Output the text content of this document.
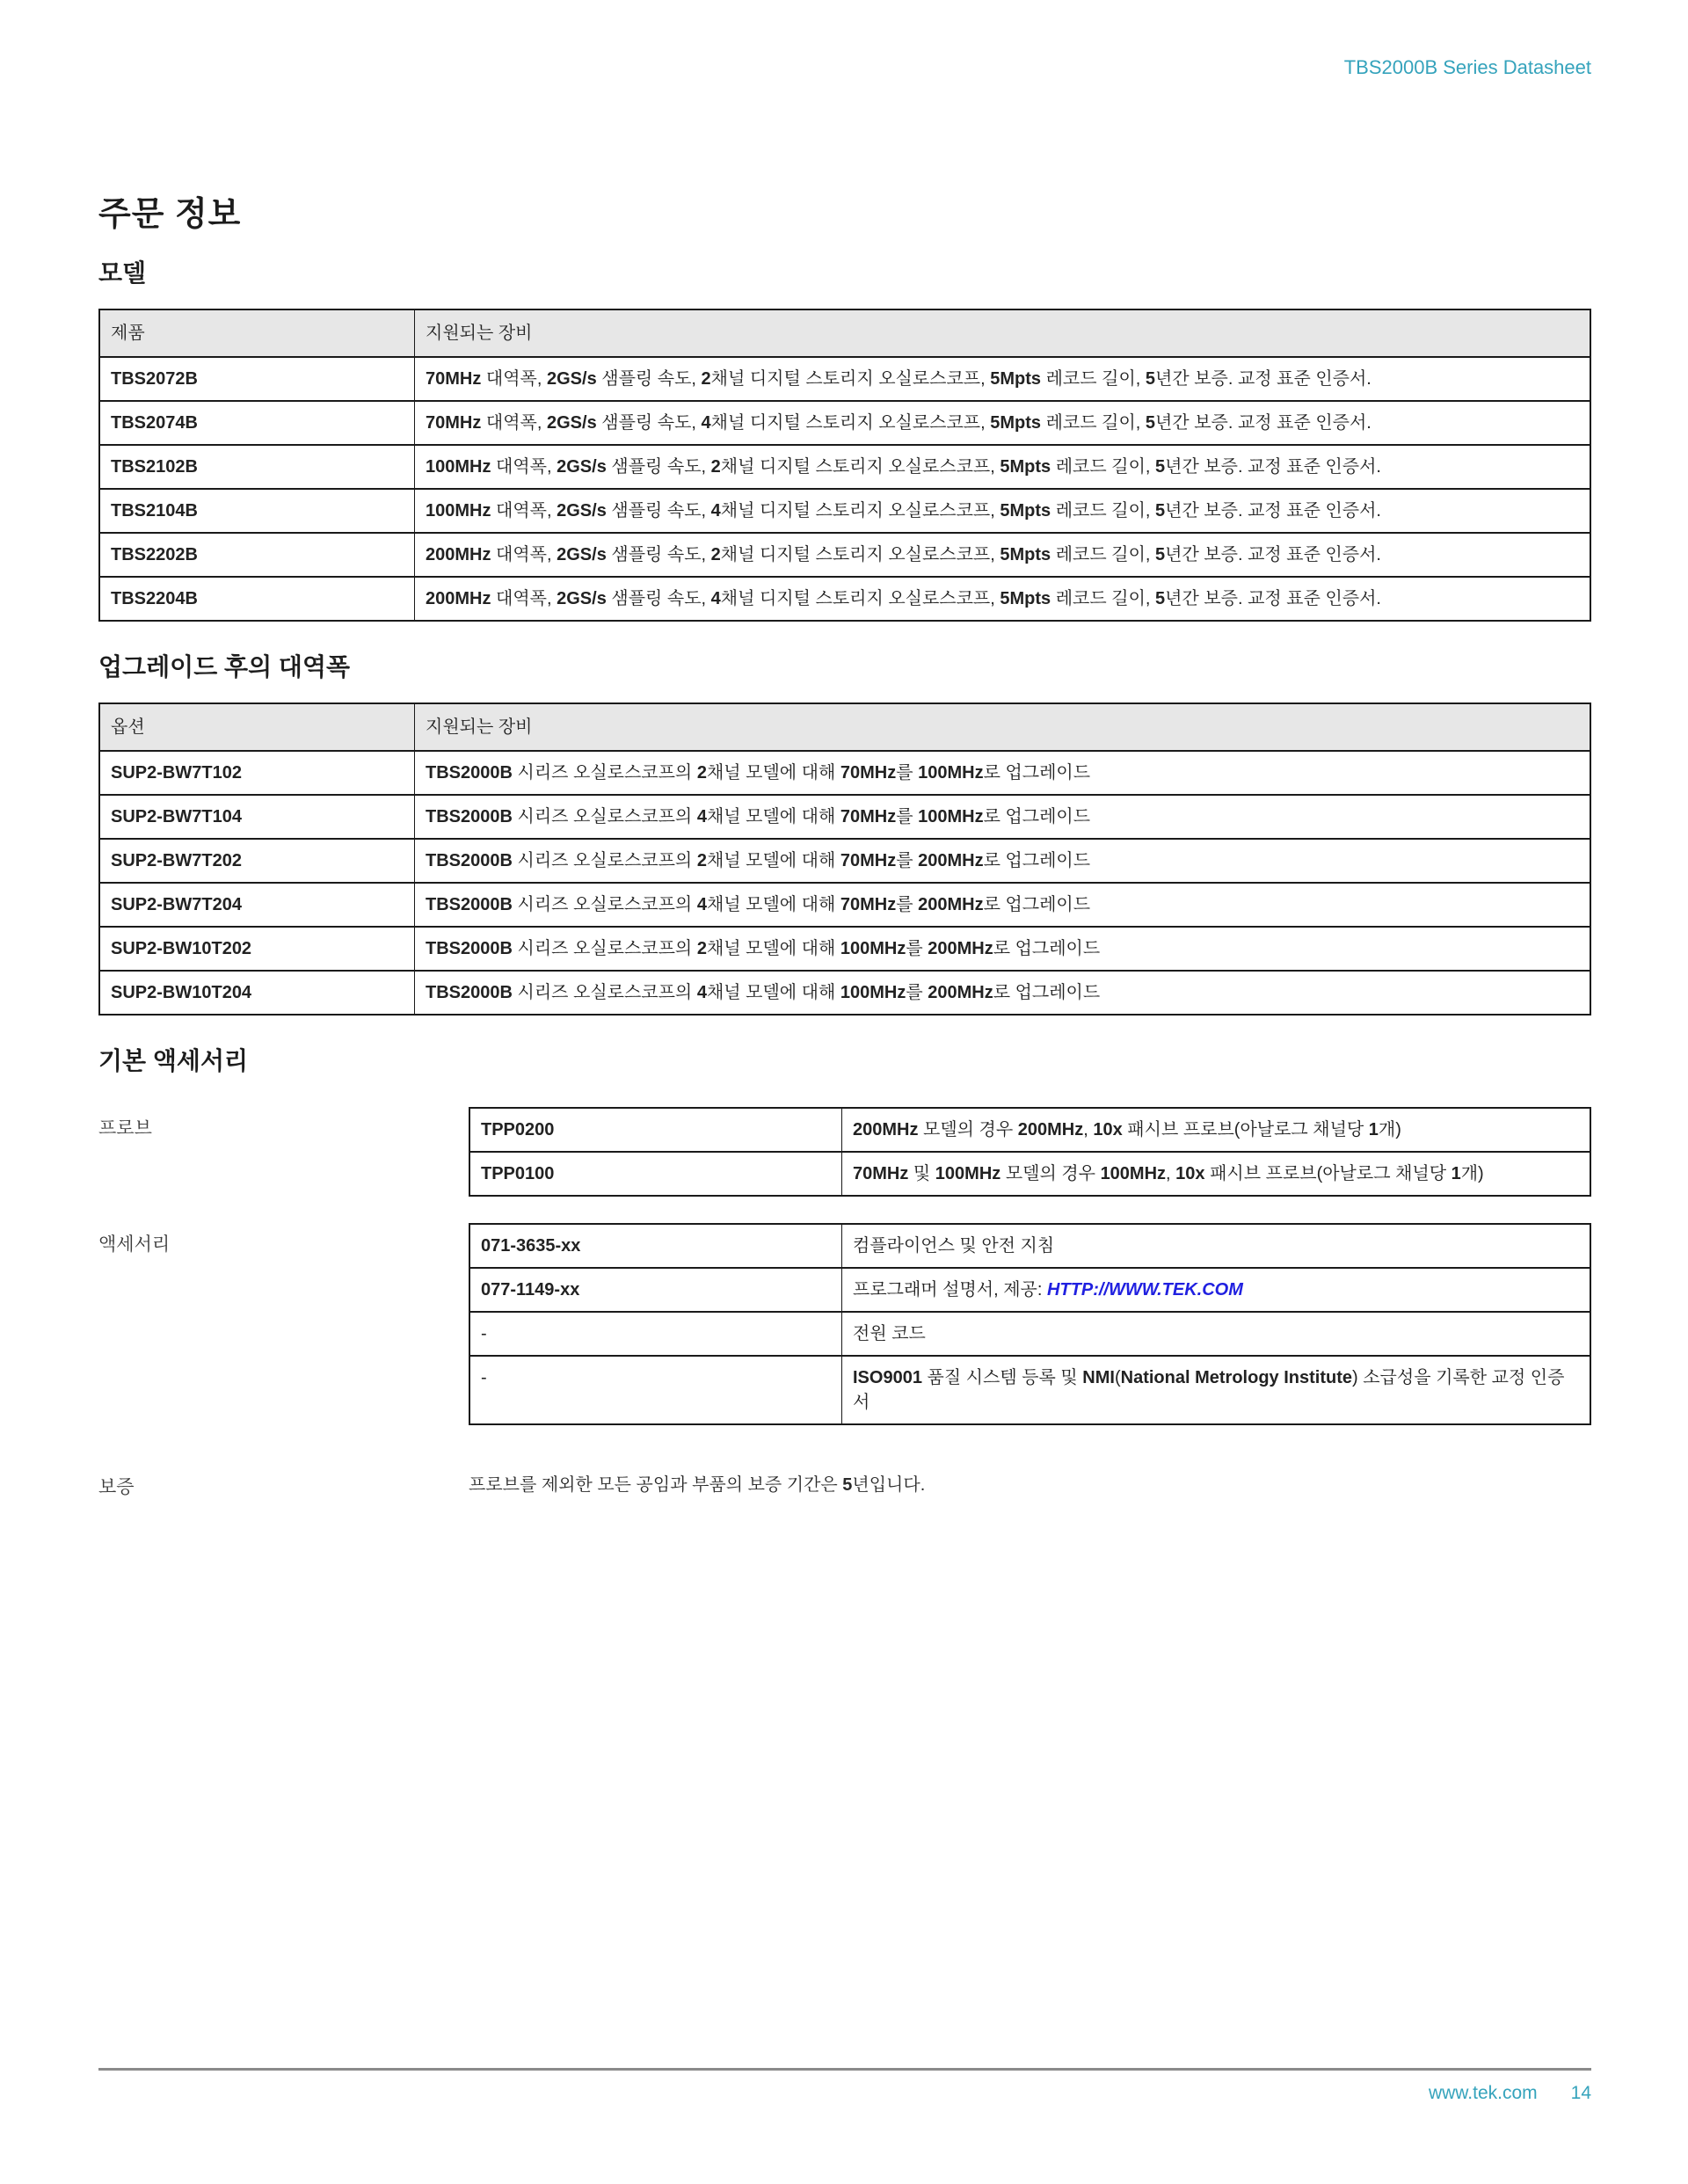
TBS2000B Series Datasheet
주문 정보
모델
제품	지원되는 장비
TBS2072B	70MHz 대역폭, 2GS/s 샘플링 속도, 2채널 디지털 스토리지 오실로스코프, 5Mpts 레코드 길이, 5년간 보증. 교정 표준 인증서.
TBS2074B	70MHz 대역폭, 2GS/s 샘플링 속도, 4채널 디지털 스토리지 오실로스코프, 5Mpts 레코드 길이, 5년간 보증. 교정 표준 인증서.
TBS2102B	100MHz 대역폭, 2GS/s 샘플링 속도, 2채널 디지털 스토리지 오실로스코프, 5Mpts 레코드 길이, 5년간 보증. 교정 표준 인증서.
TBS2104B	100MHz 대역폭, 2GS/s 샘플링 속도, 4채널 디지털 스토리지 오실로스코프, 5Mpts 레코드 길이, 5년간 보증. 교정 표준 인증서.
TBS2202B	200MHz 대역폭, 2GS/s 샘플링 속도, 2채널 디지털 스토리지 오실로스코프, 5Mpts 레코드 길이, 5년간 보증. 교정 표준 인증서.
TBS2204B	200MHz 대역폭, 2GS/s 샘플링 속도, 4채널 디지털 스토리지 오실로스코프, 5Mpts 레코드 길이, 5년간 보증. 교정 표준 인증서.
업그레이드 후의 대역폭
옵션	지원되는 장비
SUP2-BW7T102	TBS2000B 시리즈 오실로스코프의 2채널 모델에 대해 70MHz를 100MHz로 업그레이드
SUP2-BW7T104	TBS2000B 시리즈 오실로스코프의 4채널 모델에 대해 70MHz를 100MHz로 업그레이드
SUP2-BW7T202	TBS2000B 시리즈 오실로스코프의 2채널 모델에 대해 70MHz를 200MHz로 업그레이드
SUP2-BW7T204	TBS2000B 시리즈 오실로스코프의 4채널 모델에 대해 70MHz를 200MHz로 업그레이드
SUP2-BW10T202	TBS2000B 시리즈 오실로스코프의 2채널 모델에 대해 100MHz를 200MHz로 업그레이드
SUP2-BW10T204	TBS2000B 시리즈 오실로스코프의 4채널 모델에 대해 100MHz를 200MHz로 업그레이드
기본 액세서리
프로브	TPP0200	200MHz 모델의 경우 200MHz, 10x 패시브 프로브(아날로그 채널당 1개)
TPP0100	70MHz 및 100MHz 모델의 경우 100MHz, 10x 패시브 프로브(아날로그 채널당 1개)
액세서리	071-3635-xx	컴플라이언스 및 안전 지침
077-1149-xx	프로그래머 설명서, 제공: HTTP://WWW.TEK.COM
-	전원 코드
-	ISO9001 품질 시스템 등록 및 NMI(National Metrology Institute) 소급성을 기록한 교정 인증서
보증	프로브를 제외한 모든 공임과 부품의 보증 기간은 5년입니다.
www.tek.com 14
